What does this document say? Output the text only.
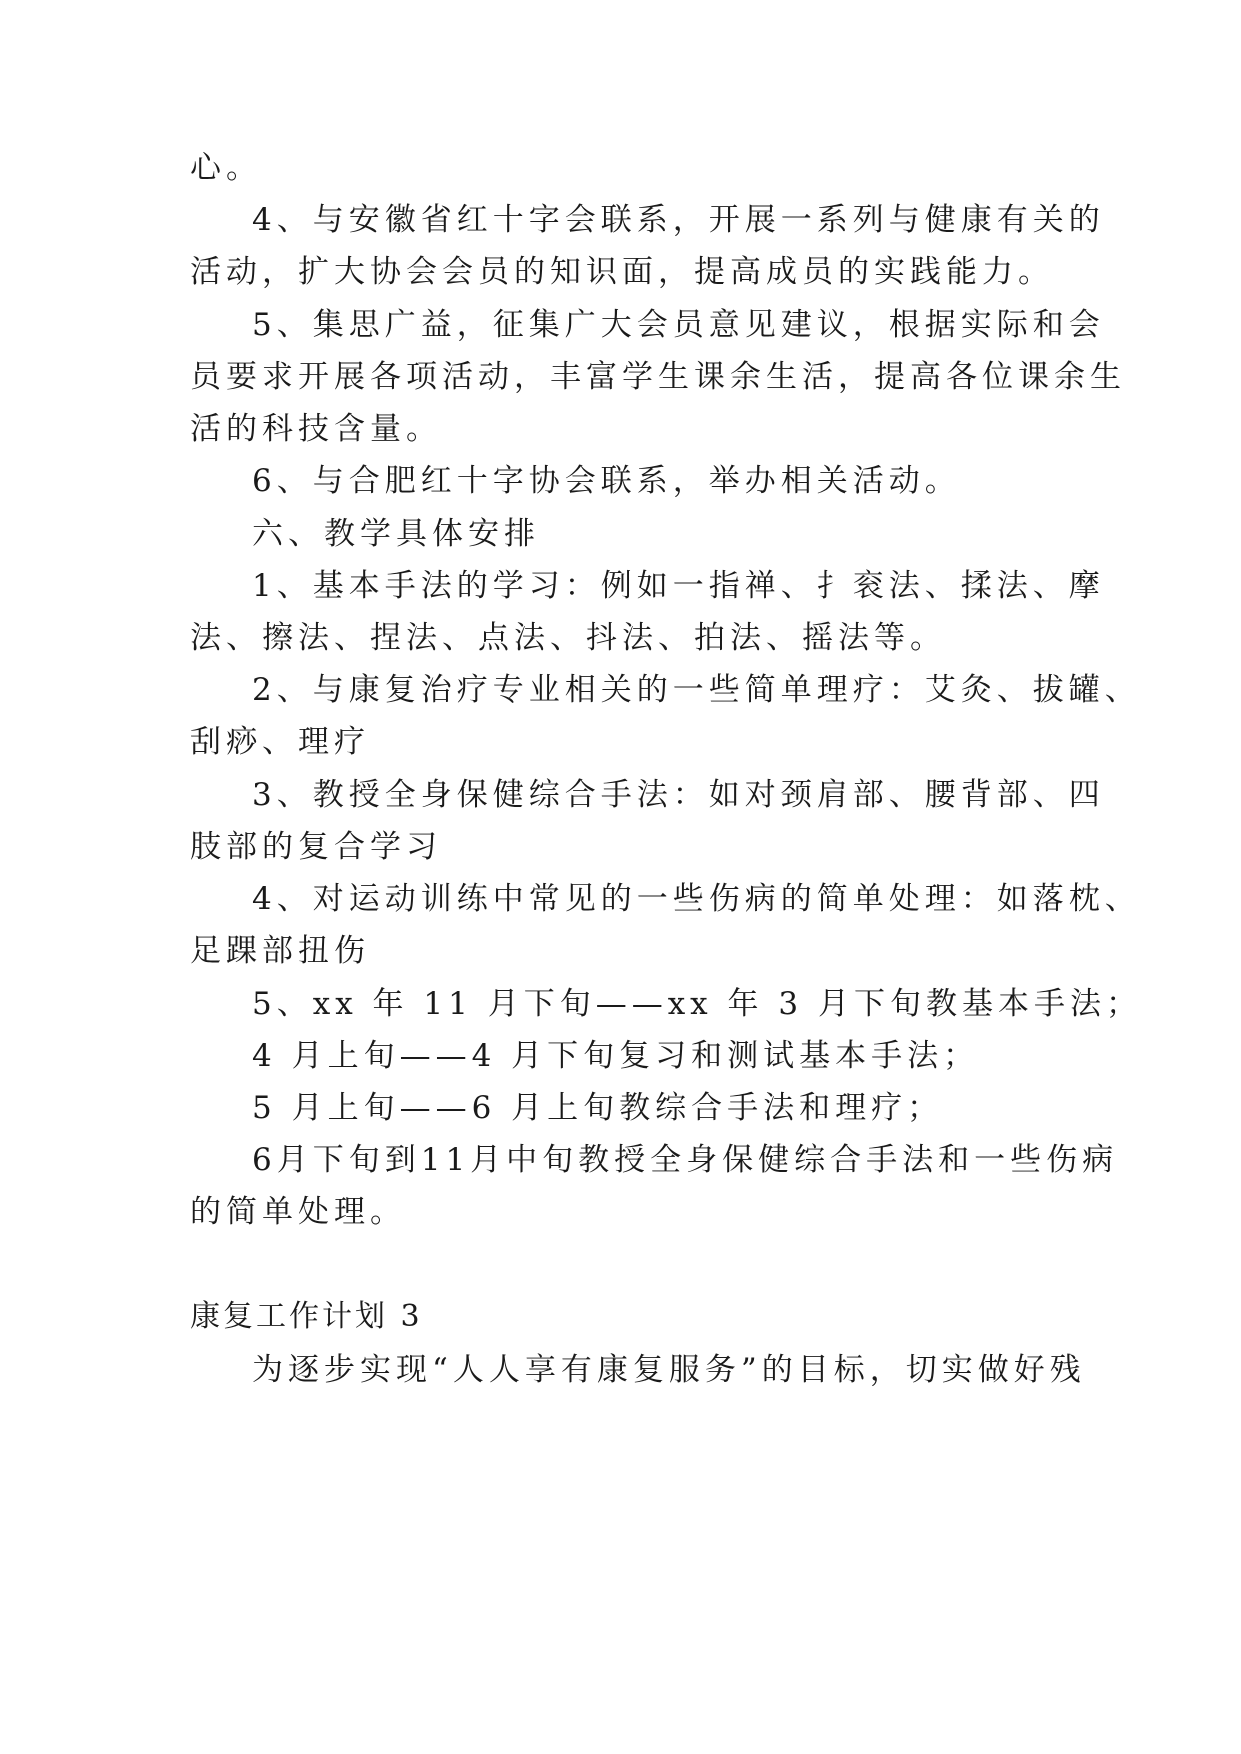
心。
4、与安徽省红十字会联系，开展一系列与健康有关的
活动，扩大协会会员的知识面，提高成员的实践能力。
5、集思广益，征集广大会员意见建议，根据实际和会
员要求开展各项活动，丰富学生课余生活，提高各位课余生
活的科技含量。
6、与合肥红十字协会联系，举办相关活动。
六、教学具体安排
1、基本手法的学习：例如一指禅、扌衮法、揉法、摩
法、擦法、捏法、点法、抖法、拍法、摇法等。
2、与康复治疗专业相关的一些简单理疗：艾灸、拔罐、
刮痧、理疗
3、教授全身保健综合手法：如对颈肩部、腰背部、四
肢部的复合学习
4、对运动训练中常见的一些伤病的简单处理：如落枕、
足踝部扭伤
5、xx 年 11 月下旬——xx 年 3 月下旬教基本手法；
4 月上旬——4 月下旬复习和测试基本手法；
5 月上旬——6 月上旬教综合手法和理疗；
6月下旬到11月中旬教授全身保健综合手法和一些伤病
的简单处理。
康复工作计划 3
为逐步实现“人人享有康复服务”的目标，切实做好残
